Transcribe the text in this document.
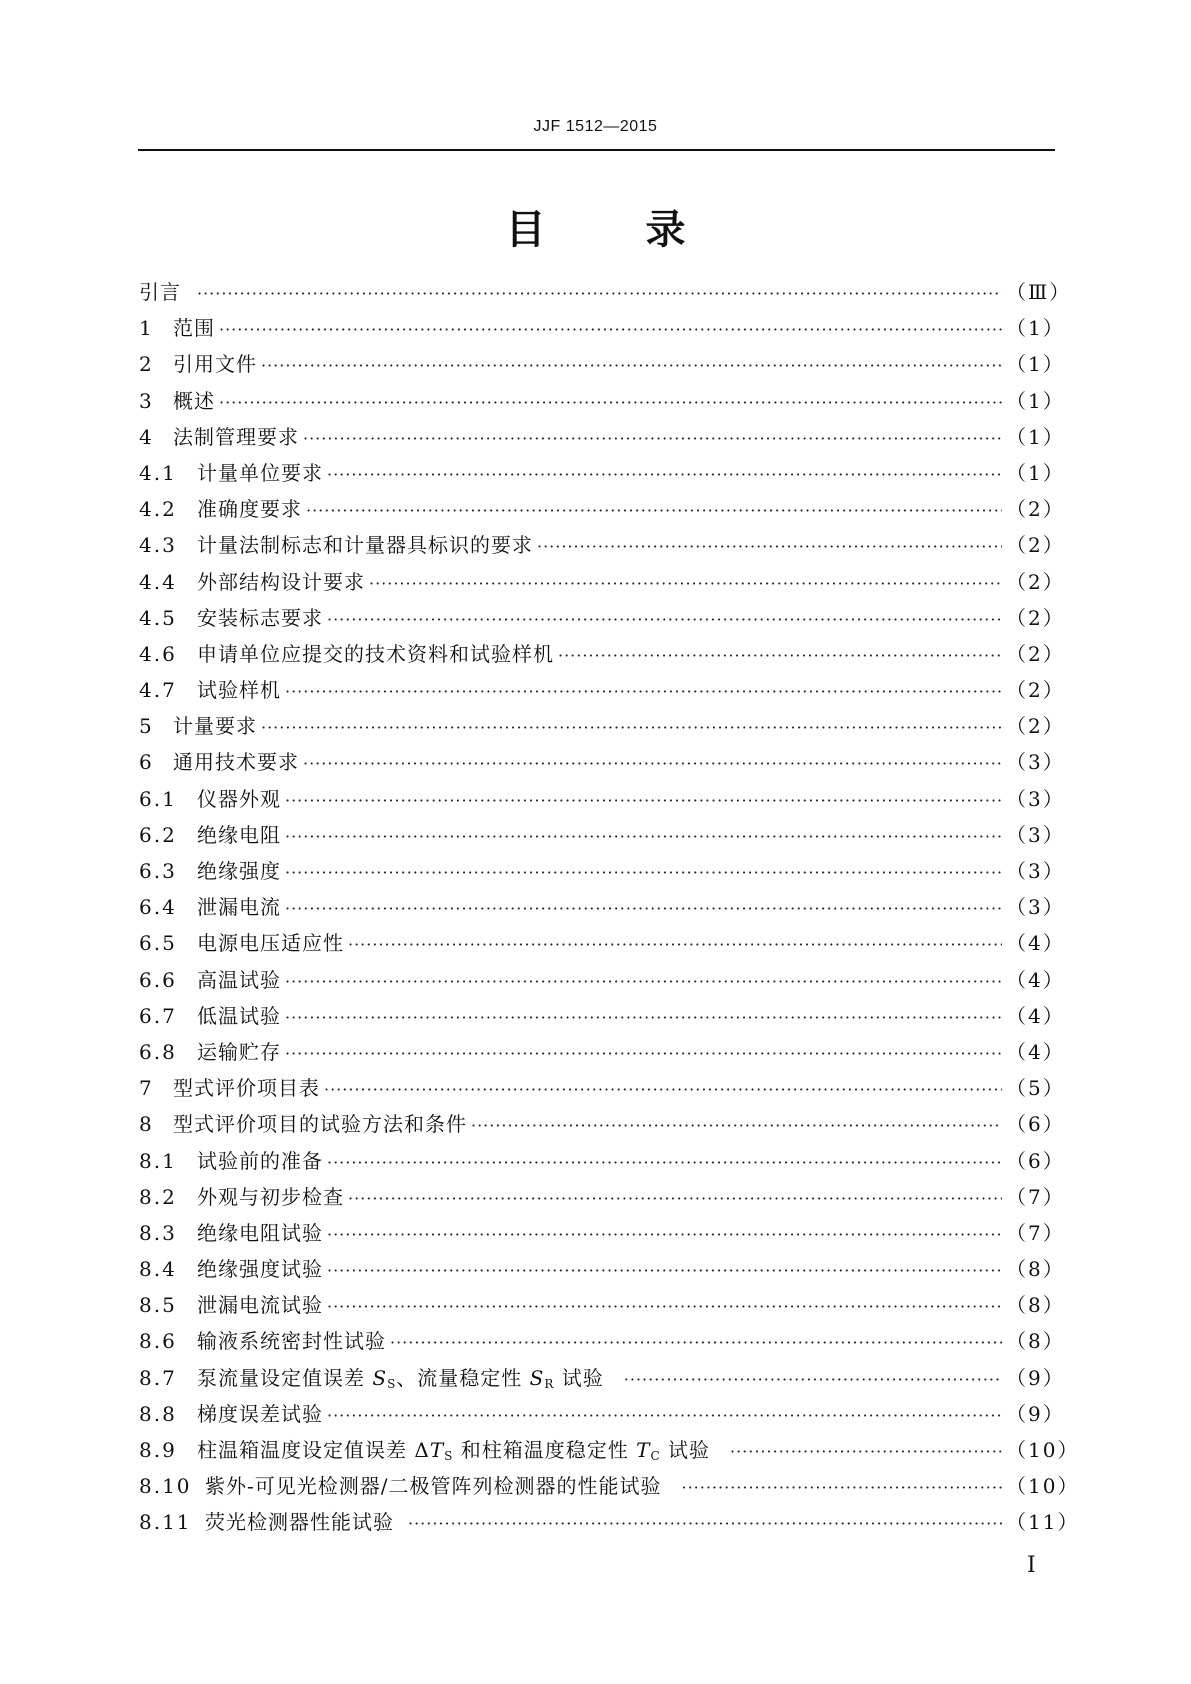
JJF 1512—2015
目	录
引言 ·····	（Ⅲ）
1 范围 ·····	（1）
2 引用文件 ·····	（1）
3 概述 ·····	（1）
4 法制管理要求 ·····	（1）
4.1	计量单位要求 ·····	（1）
4.2	准确度要求 ·····	（2）
4.3	计量法制标志和计量器具标识的要求 ·····	（2）
4.4	外部结构设计要求 ·····	（2）
4.5	安装标志要求 ·····	（2）
4.6	申请单位应提交的技术资料和试验样机 ·····	（2）
4.7	试验样机 ·····	（2）
5 计量要求 ·····	（2）
6 通用技术要求 ·····	（3）
6.1	仪器外观 ·····	（3）
6.2	绝缘电阻 ·····	（3）
6.3	绝缘强度 ·····	（3）
6.4	泄漏电流 ·····	（3）
6.5	电源电压适应性 ·····	（4）
6.6	高温试验 ·····	（4）
6.7	低温试验 ·····	（4）
6.8	运输贮存 ·····	（4）
7 型式评价项目表 ·····	（5）
8 型式评价项目的试验方法和条件 ·····	（6）
8.1	试验前的准备 ·····	（6）
8.2	外观与初步检查 ·····	（7）
8.3	绝缘电阻试验 ·····	（7）
8.4	绝缘强度试验 ·····	（8）
8.5	泄漏电流试验 ·····	（8）
8.6	输液系统密封性试验 ·····	（8）
8.7	泵流量设定值误差 $S_S$、流量稳定性 $S_R$ 试验 ·····	（9）
8.8	梯度误差试验 ·····	（9）
8.9	柱温箱温度设定值误差 $\Delta T_S$ 和柱箱温度稳定性 $T_C$ 试验 ·····	（10）
8.10 紫外-可见光检测器/二极管阵列检测器的性能试验 ·····	（10）
8.11 荧光检测器性能试验 ·····	（11）
I
